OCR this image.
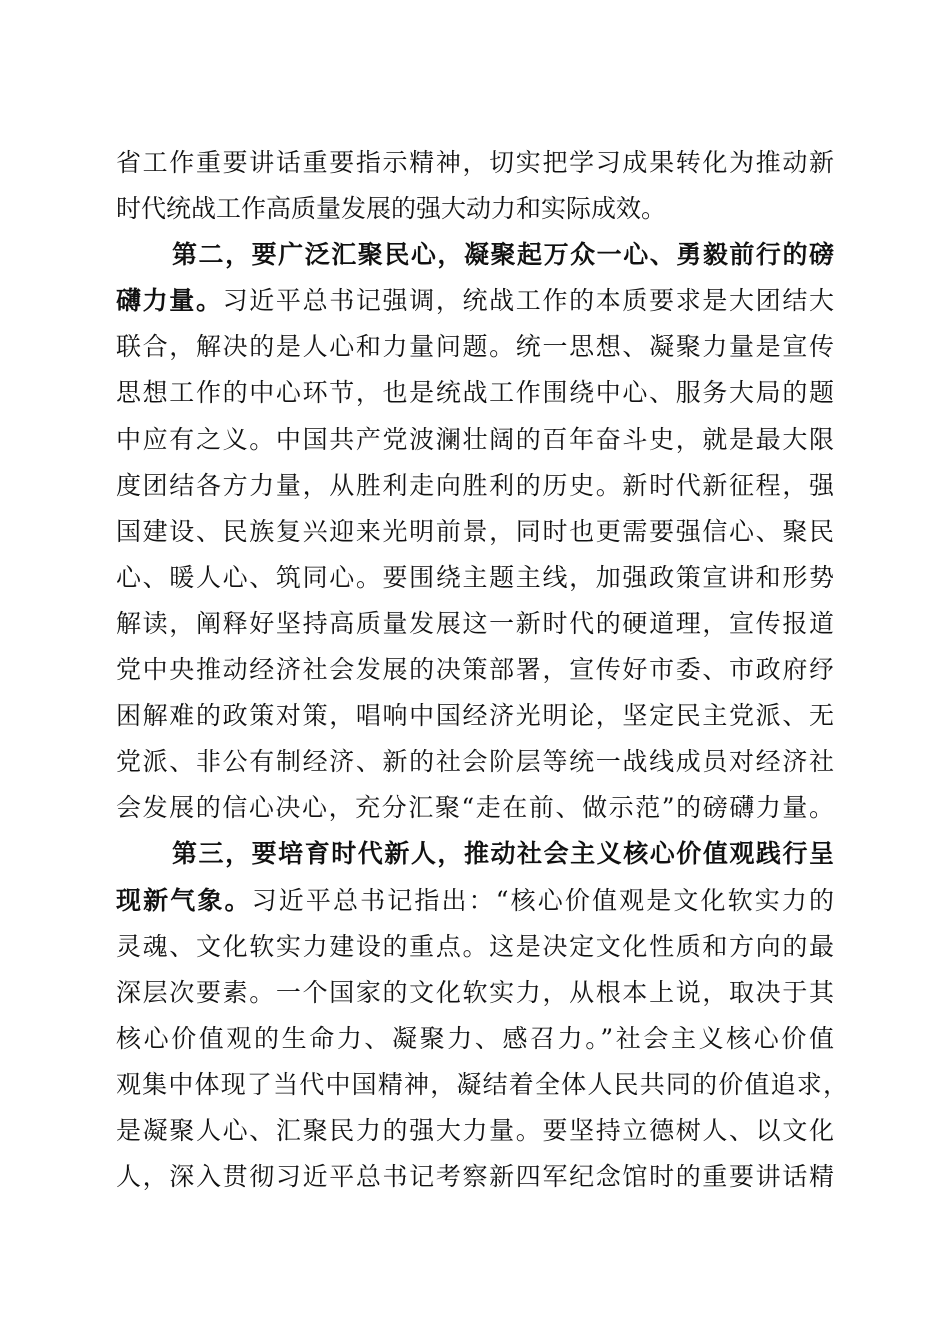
省工作重要讲话重要指示精神，切实把学习成果转化为推动新
时代统战工作高质量发展的强大动力和实际成效。
第二，要广泛汇聚民心，凝聚起万众一心、勇毅前行的磅
礴力量。习近平总书记强调，统战工作的本质要求是大团结大
联合，解决的是人心和力量问题。统一思想、凝聚力量是宣传
思想工作的中心环节，也是统战工作围绕中心、服务大局的题
中应有之义。中国共产党波澜壮阔的百年奋斗史，就是最大限
度团结各方力量，从胜利走向胜利的历史。新时代新征程，强
国建设、民族复兴迎来光明前景，同时也更需要强信心、聚民
心、暖人心、筑同心。要围绕主题主线，加强政策宣讲和形势
解读，阐释好坚持高质量发展这一新时代的硬道理，宣传报道
党中央推动经济社会发展的决策部署，宣传好市委、市政府纾
困解难的政策对策，唱响中国经济光明论，坚定民主党派、无
党派、非公有制经济、新的社会阶层等统一战线成员对经济社
会发展的信心决心，充分汇聚“走在前、做示范”的磅礴力量。
第三，要培育时代新人，推动社会主义核心价值观践行呈
现新气象。习近平总书记指出：“核心价值观是文化软实力的
灵魂、文化软实力建设的重点。这是决定文化性质和方向的最
深层次要素。一个国家的文化软实力，从根本上说，取决于其
核心价值观的生命力、凝聚力、感召力。”社会主义核心价值
观集中体现了当代中国精神，凝结着全体人民共同的价值追求，
是凝聚人心、汇聚民力的强大力量。要坚持立德树人、以文化
人，深入贯彻习近平总书记考察新四军纪念馆时的重要讲话精
